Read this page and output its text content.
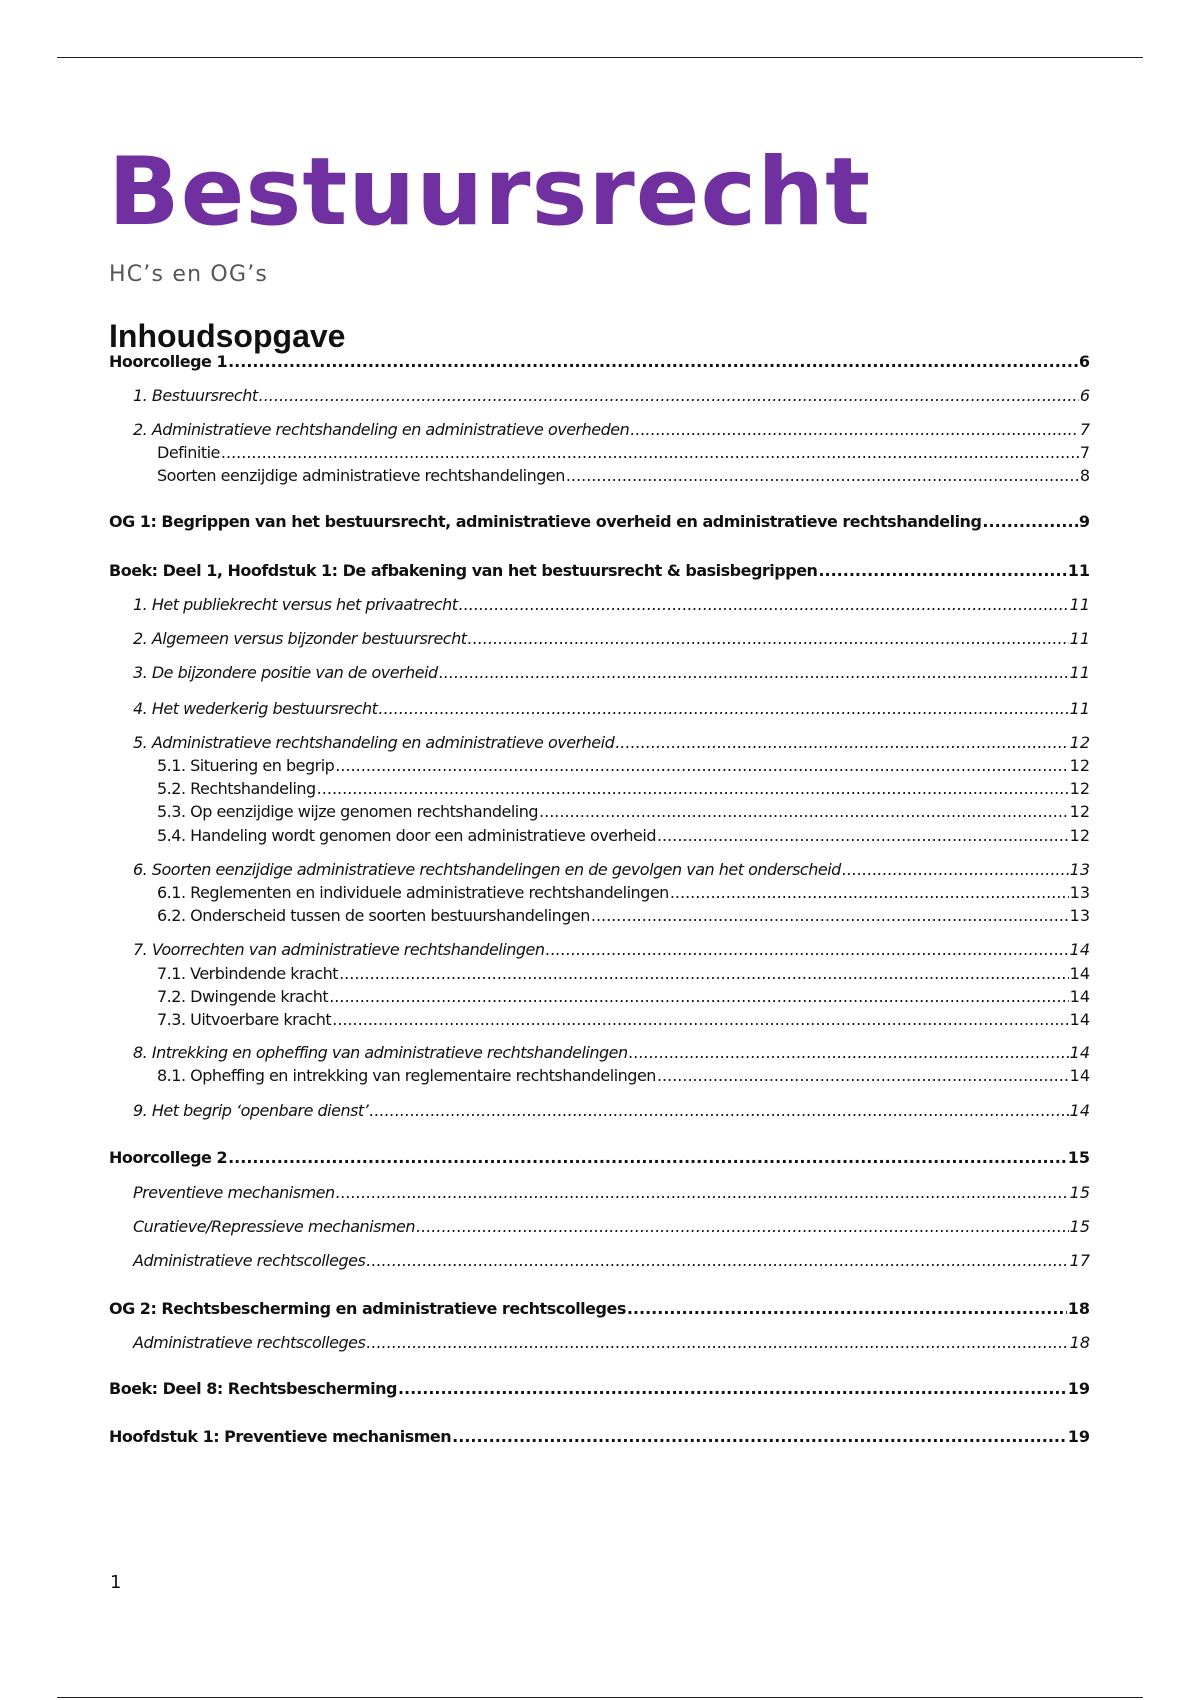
Bestuursrecht
HC’s en OG’s
Inhoudsopgave
Hoorcollege 1 .....	6
1. Bestuursrecht .....	6
2. Administratieve rechtshandeling en administratieve overheden .....	7
Definitie .....	7
Soorten eenzijdige administratieve rechtshandelingen .....	8
OG 1: Begrippen van het bestuursrecht, administratieve overheid en administratieve rechtshandeling .....	9
Boek: Deel 1, Hoofdstuk 1: De afbakening van het bestuursrecht & basisbegrippen .....	11
1. Het publiekrecht versus het privaatrecht .....	11
2. Algemeen versus bijzonder bestuursrecht .....	11
3. De bijzondere positie van de overheid .....	11
4. Het wederkerig bestuursrecht .....	11
5. Administratieve rechtshandeling en administratieve overheid .....	12
5.1. Situering en begrip .....	12
5.2. Rechtshandeling .....	12
5.3. Op eenzijdige wijze genomen rechtshandeling .....	12
5.4. Handeling wordt genomen door een administratieve overheid .....	12
6. Soorten eenzijdige administratieve rechtshandelingen en de gevolgen van het onderscheid .....	13
6.1. Reglementen en individuele administratieve rechtshandelingen .....	13
6.2. Onderscheid tussen de soorten bestuurshandelingen .....	13
7. Voorrechten van administratieve rechtshandelingen .....	14
7.1. Verbindende kracht .....	14
7.2. Dwingende kracht .....	14
7.3. Uitvoerbare kracht .....	14
8. Intrekking en opheffing van administratieve rechtshandelingen .....	14
8.1. Opheffing en intrekking van reglementaire rechtshandelingen .....	14
9. Het begrip ‘openbare dienst’ .....	14
Hoorcollege 2 .....	15
Preventieve mechanismen .....	15
Curatieve/Repressieve mechanismen .....	15
Administratieve rechtscolleges .....	17
OG 2: Rechtsbescherming en administratieve rechtscolleges .....	18
Administratieve rechtscolleges .....	18
Boek: Deel 8: Rechtsbescherming .....	19
Hoofdstuk 1: Preventieve mechanismen .....	19
1
